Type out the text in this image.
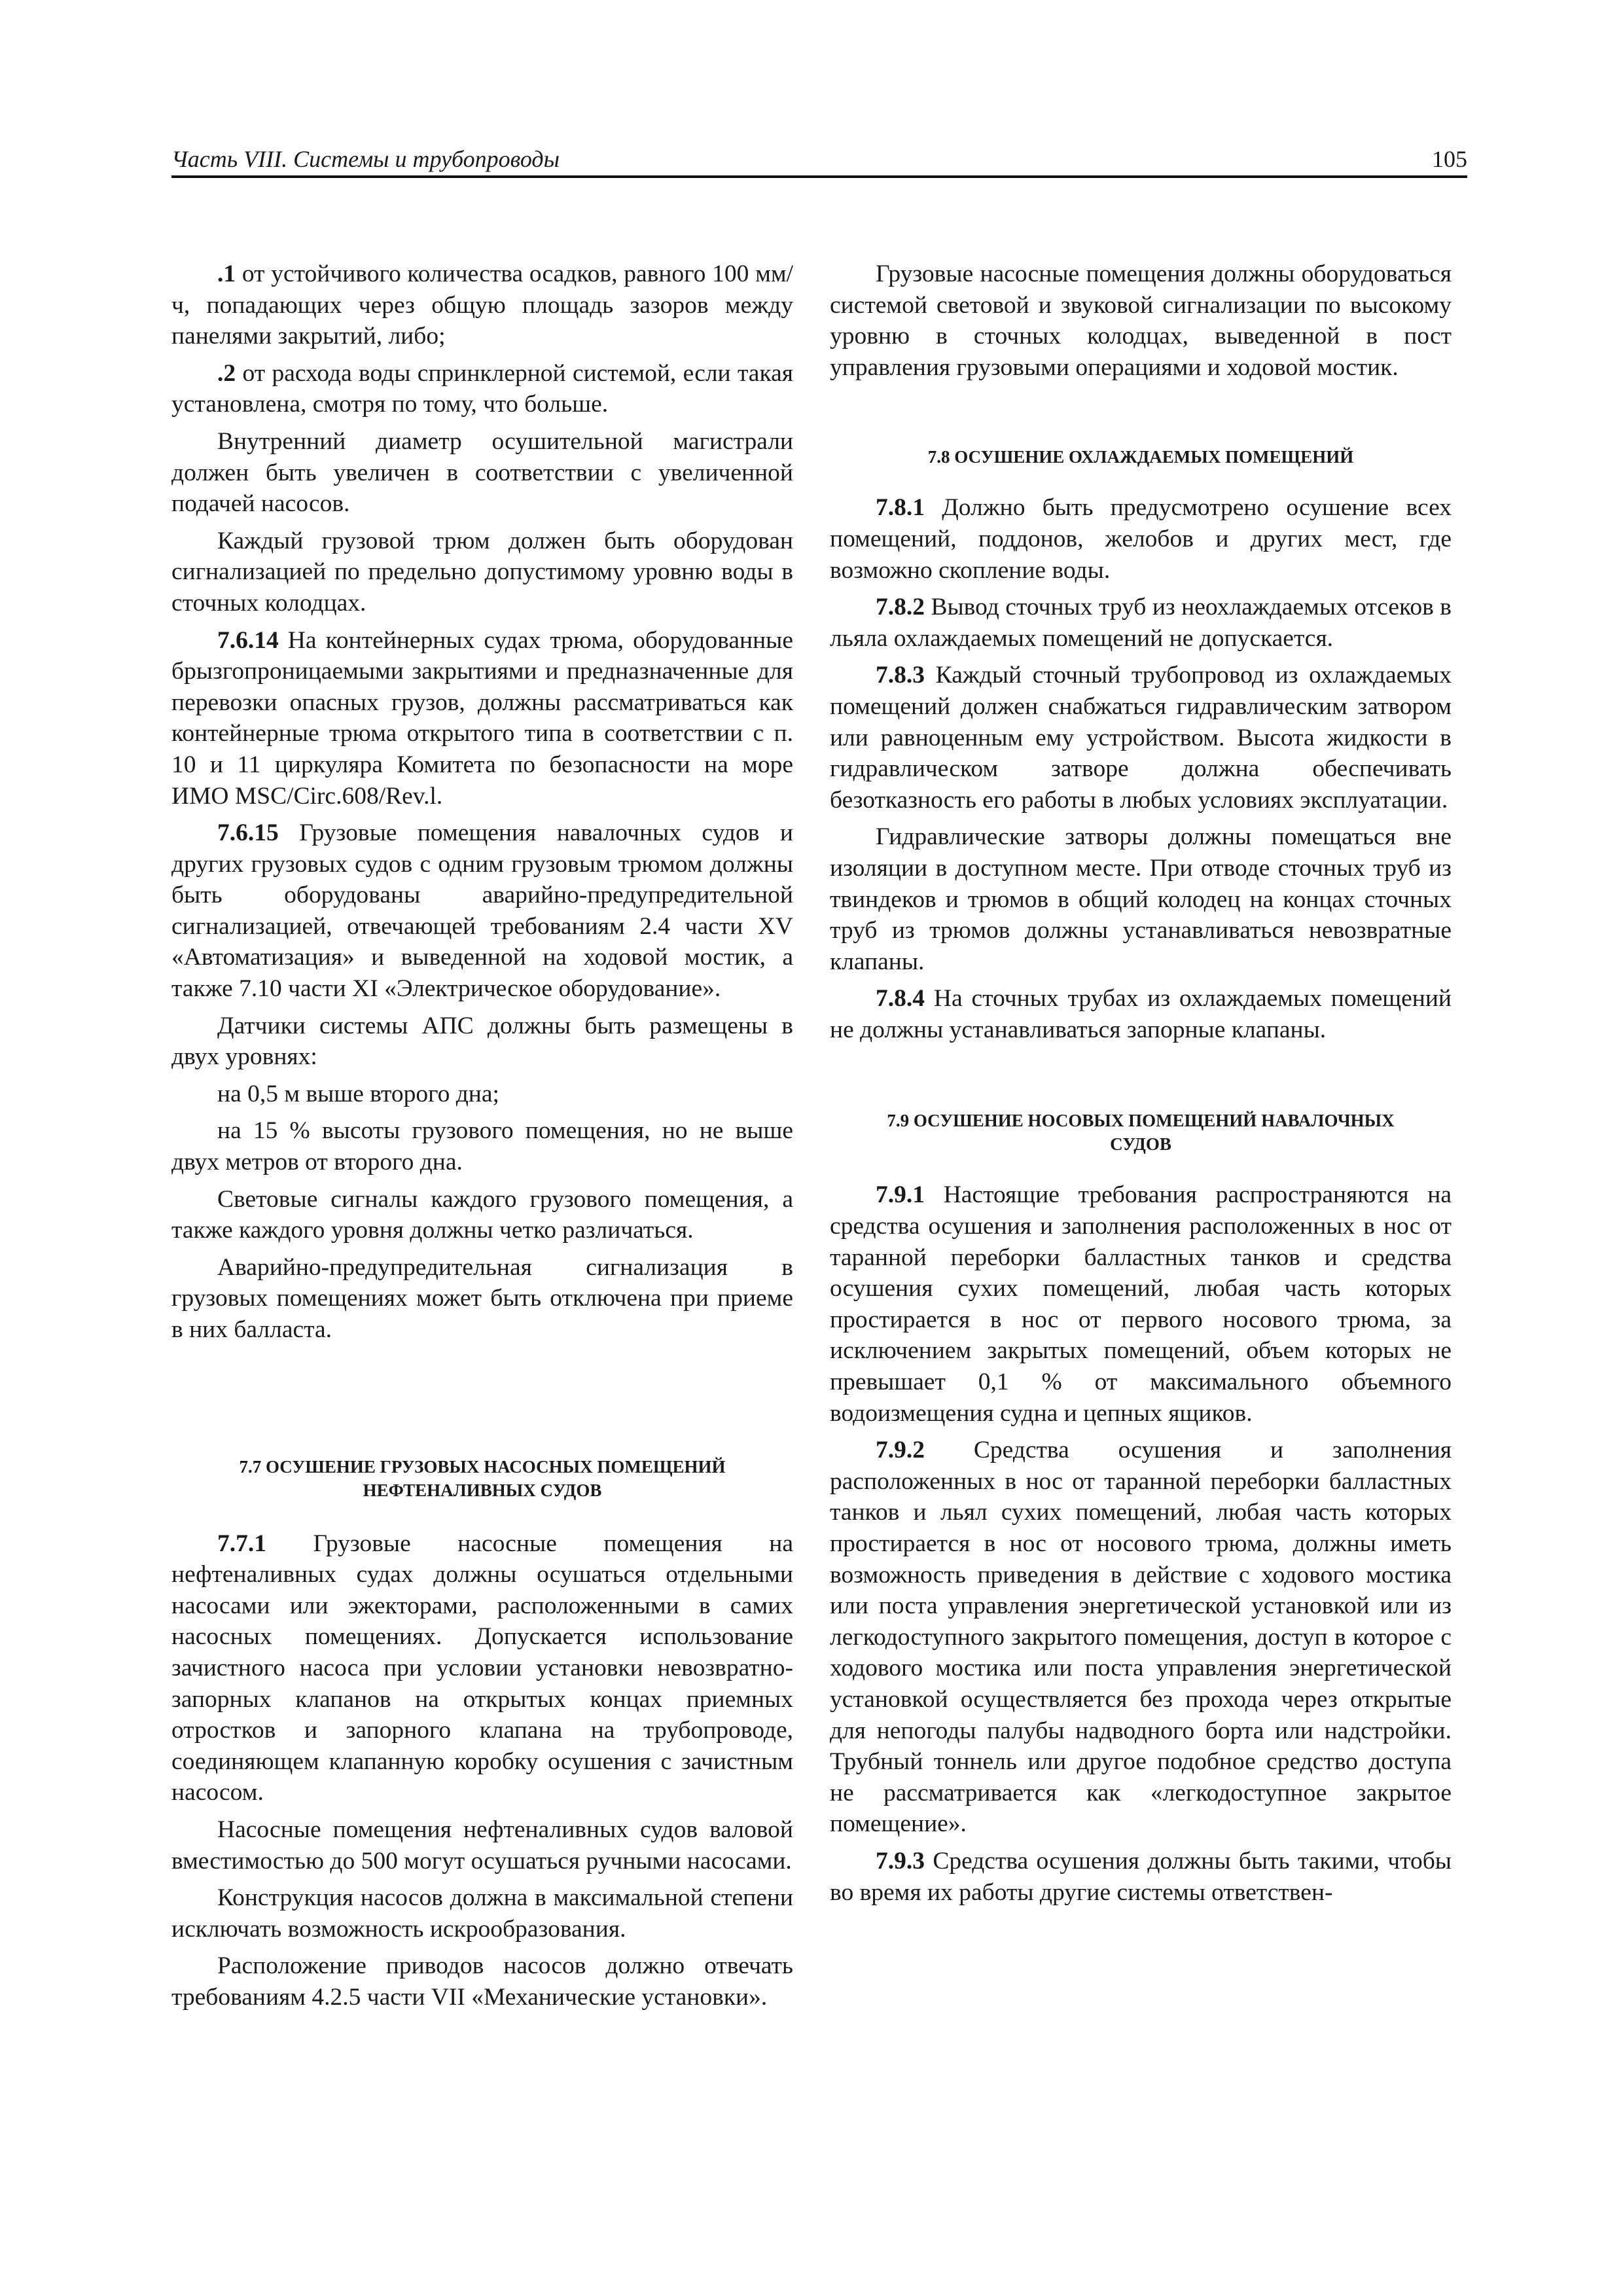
Часть VIII. Системы и трубопроводы	105

.1 от устойчивого количества осадков, равного 100 мм/ч, попадающих через общую площадь зазоров между панелями закрытий, либо;

.2 от расхода воды спринклерной системой, если такая установлена, смотря по тому, что больше.

Внутренний диаметр осушительной магистрали должен быть увеличен в соответствии с увеличенной подачей насосов.

Каждый грузовой трюм должен быть оборудован сигнализацией по предельно допустимому уровню воды в сточных колодцах.

7.6.14 На контейнерных судах трюма, оборудованные брызгопроницаемыми закрытиями и предназначенные для перевозки опасных грузов, должны рассматриваться как контейнерные трюма открытого типа в соответствии с п. 10 и 11 циркуляра Комитета по безопасности на море ИМО MSC/Circ.608/Rev.l.

7.6.15 Грузовые помещения навалочных судов и других грузовых судов с одним грузовым трюмом должны быть оборудованы аварийно-предупредительной сигнализацией, отвечающей требованиям 2.4 части XV «Автоматизация» и выведенной на ходовой мостик, а также 7.10 части XI «Электрическое оборудование».

Датчики системы АПС должны быть размещены в двух уровнях:

на 0,5 м выше второго дна;

на 15 % высоты грузового помещения, но не выше двух метров от второго дна.

Световые сигналы каждого грузового помещения, а также каждого уровня должны четко различаться.

Аварийно-предупредительная сигнализация в грузовых помещениях может быть отключена при приеме в них балласта.

7.7 ОСУШЕНИЕ ГРУЗОВЫХ НАСОСНЫХ ПОМЕЩЕНИЙ НЕФТЕНАЛИВНЫХ СУДОВ

7.7.1 Грузовые насосные помещения на нефтеналивных судах должны осушаться отдельными насосами или эжекторами, расположенными в самих насосных помещениях. Допускается использование зачистного насоса при условии установки невозвратно-запорных клапанов на открытых концах приемных отростков и запорного клапана на трубопроводе, соединяющем клапанную коробку осушения с зачистным насосом.

Насосные помещения нефтеналивных судов валовой вместимостью до 500 могут осушаться ручными насосами.

Конструкция насосов должна в максимальной степени исключать возможность искрообразования.

Расположение приводов насосов должно отвечать требованиям 4.2.5 части VII «Механические установки».

Грузовые насосные помещения должны оборудоваться системой световой и звуковой сигнализации по высокому уровню в сточных колодцах, выведенной в пост управления грузовыми операциями и ходовой мостик.

7.8 ОСУШЕНИЕ ОХЛАЖДАЕМЫХ ПОМЕЩЕНИЙ

7.8.1 Должно быть предусмотрено осушение всех помещений, поддонов, желобов и других мест, где возможно скопление воды.

7.8.2 Вывод сточных труб из неохлаждаемых отсеков в льяла охлаждаемых помещений не допускается.

7.8.3 Каждый сточный трубопровод из охлаждаемых помещений должен снабжаться гидравлическим затвором или равноценным ему устройством. Высота жидкости в гидравлическом затворе должна обеспечивать безотказность его работы в любых условиях эксплуатации.

Гидравлические затворы должны помещаться вне изоляции в доступном месте. При отводе сточных труб из твиндеков и трюмов в общий колодец на концах сточных труб из трюмов должны устанавливаться невозвратные клапаны.

7.8.4 На сточных трубах из охлаждаемых помещений не должны устанавливаться запорные клапаны.

7.9 ОСУШЕНИЕ НОСОВЫХ ПОМЕЩЕНИЙ НАВАЛОЧНЫХ СУДОВ

7.9.1 Настоящие требования распространяются на средства осушения и заполнения расположенных в нос от таранной переборки балластных танков и средства осушения сухих помещений, любая часть которых простирается в нос от первого носового трюма, за исключением закрытых помещений, объем которых не превышает 0,1 % от максимального объемного водоизмещения судна и цепных ящиков.

7.9.2 Средства осушения и заполнения расположенных в нос от таранной переборки балластных танков и льял сухих помещений, любая часть которых простирается в нос от носового трюма, должны иметь возможность приведения в действие с ходового мостика или поста управления энергетической установкой или из легкодоступного закрытого помещения, доступ в которое с ходового мостика или поста управления энергетической установкой осуществляется без прохода через открытые для непогоды палубы надводного борта или надстройки. Трубный тоннель или другое подобное средство доступа не рассматривается как «легкодоступное закрытое помещение».

7.9.3 Средства осушения должны быть такими, чтобы во время их работы другие системы ответствен-
